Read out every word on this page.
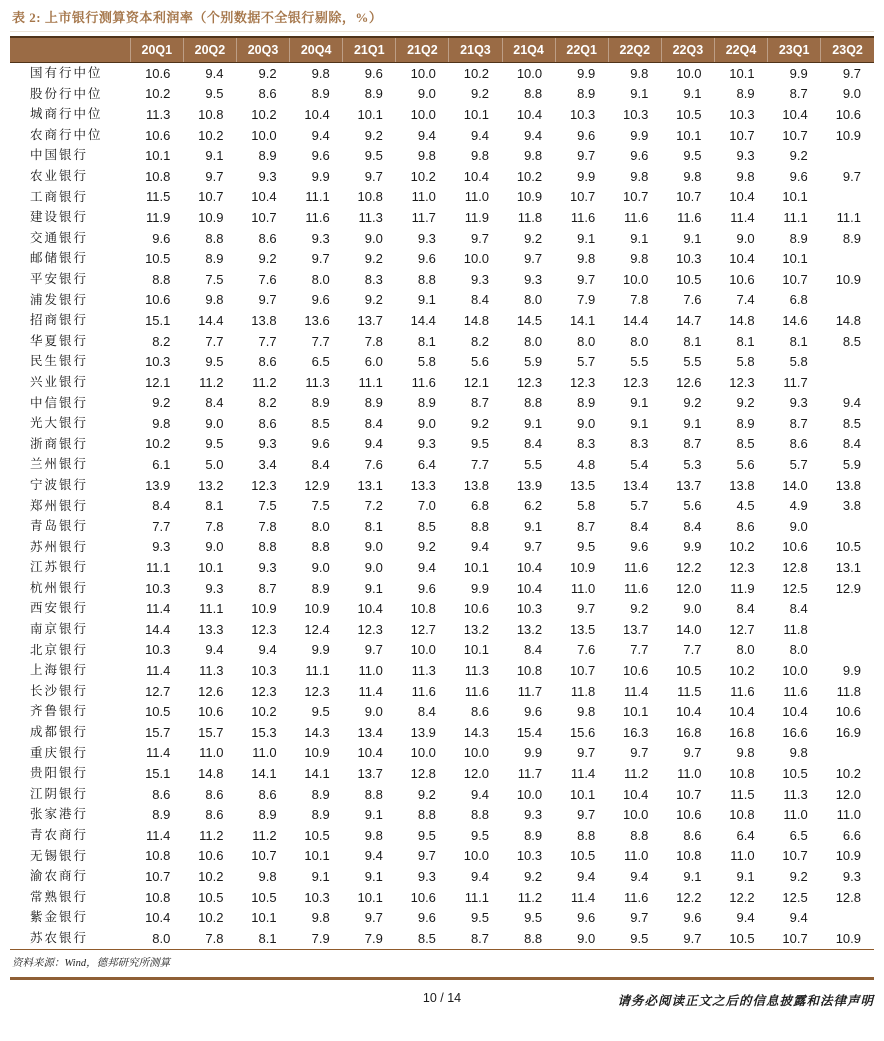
表 2: 上市银行测算资本利润率（个别数据不全银行剔除，%）
	20Q1	20Q2	20Q3	20Q4	21Q1	21Q2	21Q3	21Q4	22Q1	22Q2	22Q3	22Q4	23Q1	23Q2
国有行中位	10.6	9.4	9.2	9.8	9.6	10.0	10.2	10.0	9.9	9.8	10.0	10.1	9.9	9.7
股份行中位	10.2	9.5	8.6	8.9	8.9	9.0	9.2	8.8	8.9	9.1	9.1	8.9	8.7	9.0
城商行中位	11.3	10.8	10.2	10.4	10.1	10.0	10.1	10.4	10.3	10.3	10.5	10.3	10.4	10.6
农商行中位	10.6	10.2	10.0	9.4	9.2	9.4	9.4	9.4	9.6	9.9	10.1	10.7	10.7	10.9
中国银行	10.1	9.1	8.9	9.6	9.5	9.8	9.8	9.8	9.7	9.6	9.5	9.3	9.2	
农业银行	10.8	9.7	9.3	9.9	9.7	10.2	10.4	10.2	9.9	9.8	9.8	9.8	9.6	9.7
工商银行	11.5	10.7	10.4	11.1	10.8	11.0	11.0	10.9	10.7	10.7	10.7	10.4	10.1	
建设银行	11.9	10.9	10.7	11.6	11.3	11.7	11.9	11.8	11.6	11.6	11.6	11.4	11.1	11.1
交通银行	9.6	8.8	8.6	9.3	9.0	9.3	9.7	9.2	9.1	9.1	9.1	9.0	8.9	8.9
邮储银行	10.5	8.9	9.2	9.7	9.2	9.6	10.0	9.7	9.8	9.8	10.3	10.4	10.1	
平安银行	8.8	7.5	7.6	8.0	8.3	8.8	9.3	9.3	9.7	10.0	10.5	10.6	10.7	10.9
浦发银行	10.6	9.8	9.7	9.6	9.2	9.1	8.4	8.0	7.9	7.8	7.6	7.4	6.8	
招商银行	15.1	14.4	13.8	13.6	13.7	14.4	14.8	14.5	14.1	14.4	14.7	14.8	14.6	14.8
华夏银行	8.2	7.7	7.7	7.7	7.8	8.1	8.2	8.0	8.0	8.0	8.1	8.1	8.1	8.5
民生银行	10.3	9.5	8.6	6.5	6.0	5.8	5.6	5.9	5.7	5.5	5.5	5.8	5.8	
兴业银行	12.1	11.2	11.2	11.3	11.1	11.6	12.1	12.3	12.3	12.3	12.6	12.3	11.7	
中信银行	9.2	8.4	8.2	8.9	8.9	8.9	8.7	8.8	8.9	9.1	9.2	9.2	9.3	9.4
光大银行	9.8	9.0	8.6	8.5	8.4	9.0	9.2	9.1	9.0	9.1	9.1	8.9	8.7	8.5
浙商银行	10.2	9.5	9.3	9.6	9.4	9.3	9.5	8.4	8.3	8.3	8.7	8.5	8.6	8.4
兰州银行	6.1	5.0	3.4	8.4	7.6	6.4	7.7	5.5	4.8	5.4	5.3	5.6	5.7	5.9
宁波银行	13.9	13.2	12.3	12.9	13.1	13.3	13.8	13.9	13.5	13.4	13.7	13.8	14.0	13.8
郑州银行	8.4	8.1	7.5	7.5	7.2	7.0	6.8	6.2	5.8	5.7	5.6	4.5	4.9	3.8
青岛银行	7.7	7.8	7.8	8.0	8.1	8.5	8.8	9.1	8.7	8.4	8.4	8.6	9.0	
苏州银行	9.3	9.0	8.8	8.8	9.0	9.2	9.4	9.7	9.5	9.6	9.9	10.2	10.6	10.5
江苏银行	11.1	10.1	9.3	9.0	9.0	9.4	10.1	10.4	10.9	11.6	12.2	12.3	12.8	13.1
杭州银行	10.3	9.3	8.7	8.9	9.1	9.6	9.9	10.4	11.0	11.6	12.0	11.9	12.5	12.9
西安银行	11.4	11.1	10.9	10.9	10.4	10.8	10.6	10.3	9.7	9.2	9.0	8.4	8.4	
南京银行	14.4	13.3	12.3	12.4	12.3	12.7	13.2	13.2	13.5	13.7	14.0	12.7	11.8	
北京银行	10.3	9.4	9.4	9.9	9.7	10.0	10.1	8.4	7.6	7.7	7.7	8.0	8.0	
上海银行	11.4	11.3	10.3	11.1	11.0	11.3	11.3	10.8	10.7	10.6	10.5	10.2	10.0	9.9
长沙银行	12.7	12.6	12.3	12.3	11.4	11.6	11.6	11.7	11.8	11.4	11.5	11.6	11.6	11.8
齐鲁银行	10.5	10.6	10.2	9.5	9.0	8.4	8.6	9.6	9.8	10.1	10.4	10.4	10.4	10.6
成都银行	15.7	15.7	15.3	14.3	13.4	13.9	14.3	15.4	15.6	16.3	16.8	16.8	16.6	16.9
重庆银行	11.4	11.0	11.0	10.9	10.4	10.0	10.0	9.9	9.7	9.7	9.7	9.8	9.8	
贵阳银行	15.1	14.8	14.1	14.1	13.7	12.8	12.0	11.7	11.4	11.2	11.0	10.8	10.5	10.2
江阴银行	8.6	8.6	8.6	8.9	8.8	9.2	9.4	10.0	10.1	10.4	10.7	11.5	11.3	12.0
张家港行	8.9	8.6	8.9	8.9	9.1	8.8	8.8	9.3	9.7	10.0	10.6	10.8	11.0	11.0
青农商行	11.4	11.2	11.2	10.5	9.8	9.5	9.5	8.9	8.8	8.8	8.6	6.4	6.5	6.6
无锡银行	10.8	10.6	10.7	10.1	9.4	9.7	10.0	10.3	10.5	11.0	10.8	11.0	10.7	10.9
渝农商行	10.7	10.2	9.8	9.1	9.1	9.3	9.4	9.2	9.4	9.4	9.1	9.1	9.2	9.3
常熟银行	10.8	10.5	10.5	10.3	10.1	10.6	11.1	11.2	11.4	11.6	12.2	12.2	12.5	12.8
紫金银行	10.4	10.2	10.1	9.8	9.7	9.6	9.5	9.5	9.6	9.7	9.6	9.4	9.4	
苏农银行	8.0	7.8	8.1	7.9	7.9	8.5	8.7	8.8	9.0	9.5	9.7	10.5	10.7	10.9
资料来源：Wind，德邦研究所测算
10 / 14	请务必阅读正文之后的信息披露和法律声明
